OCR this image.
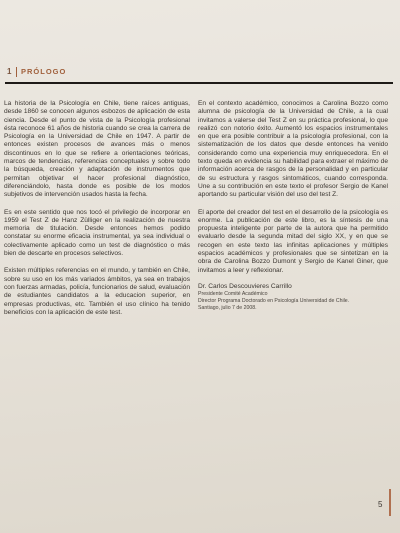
1 PRÓLOGO

La historia de la Psicología en Chile, tiene raíces antiguas, desde 1860 se conocen algunos esbozos de aplicación de esta ciencia. Desde el punto de vista de la Psicología profesional ésta reconoce 61 años de historia cuando se crea la carrera de Psicología en la Universidad de Chile en 1947. A partir de entonces existen procesos de avances más o menos discontinuos en lo que se refiere a orientaciones teóricas, marcos de tendencias, referencias conceptuales y sobre todo la búsqueda, creación y adaptación de instrumentos que permitan objetivar el hacer profesional diagnóstico, diferenciándolo, hasta donde es posible de los modos subjetivos de intervención usados hasta la fecha.

Es en este sentido que nos tocó el privilegio de incorporar en 1959 el Test Z de Hanz Zülliger en la realización de nuestra memoria de titulación. Desde entonces hemos podido constatar su enorme eficacia instrumental, ya sea individual o colectivamente aplicado como un test de diagnóstico o más bien de descarte en procesos selectivos.

Existen múltiples referencias en el mundo, y también en Chile, sobre su uso en los más variados ámbitos, ya sea en trabajos con fuerzas armadas, policía, funcionarios de salud, evaluación de estudiantes candidatos a la educacion superior, en empresas productivas, etc. También el uso clínico ha tenido beneficios con la aplicación de este test.

En el contexto académico, conocimos a Carolina Bozzo como alumna de psicología de la Universidad de Chile, a la cual invitamos a valerse del Test Z en su práctica profesional, lo que realizó con notorio éxito. Aumentó los espacios instrumentales en que era posible contribuir a la psicología profesional, con la sistematización de los datos que desde entonces ha venido considerando como una experiencia muy enriquecedora. En el texto queda en evidencia su habilidad para extraer el máximo de información acerca de rasgos de la personalidad y en particular de su estructura y rasgos sintomáticos, cuando corresponda. Une a su contribución en este texto el profesor Sergio de Kanel aportando su particular visión del uso del test Z.

El aporte del creador del test en el desarrollo de la psicología es enorme. La publicación de este libro, es la síntesis de una propuesta inteligente por parte de la autora que ha permitido evaluarlo desde la segunda mitad del siglo XX, y en que se recogen en este texto las infinitas aplicaciones y múltiples espacios académicos y profesionales que se sintetizan en la obra de Carolina Bozzo Dumont y Sergio de Kanel Giner, que invitamos a leer y reflexionar.

Dr. Carlos Descouvieres Carrillo
Presidente Comité Académico
Director Programa Doctorado en Psicología Universidad de Chile.
Santiago, julio 7 de 2008.
5
